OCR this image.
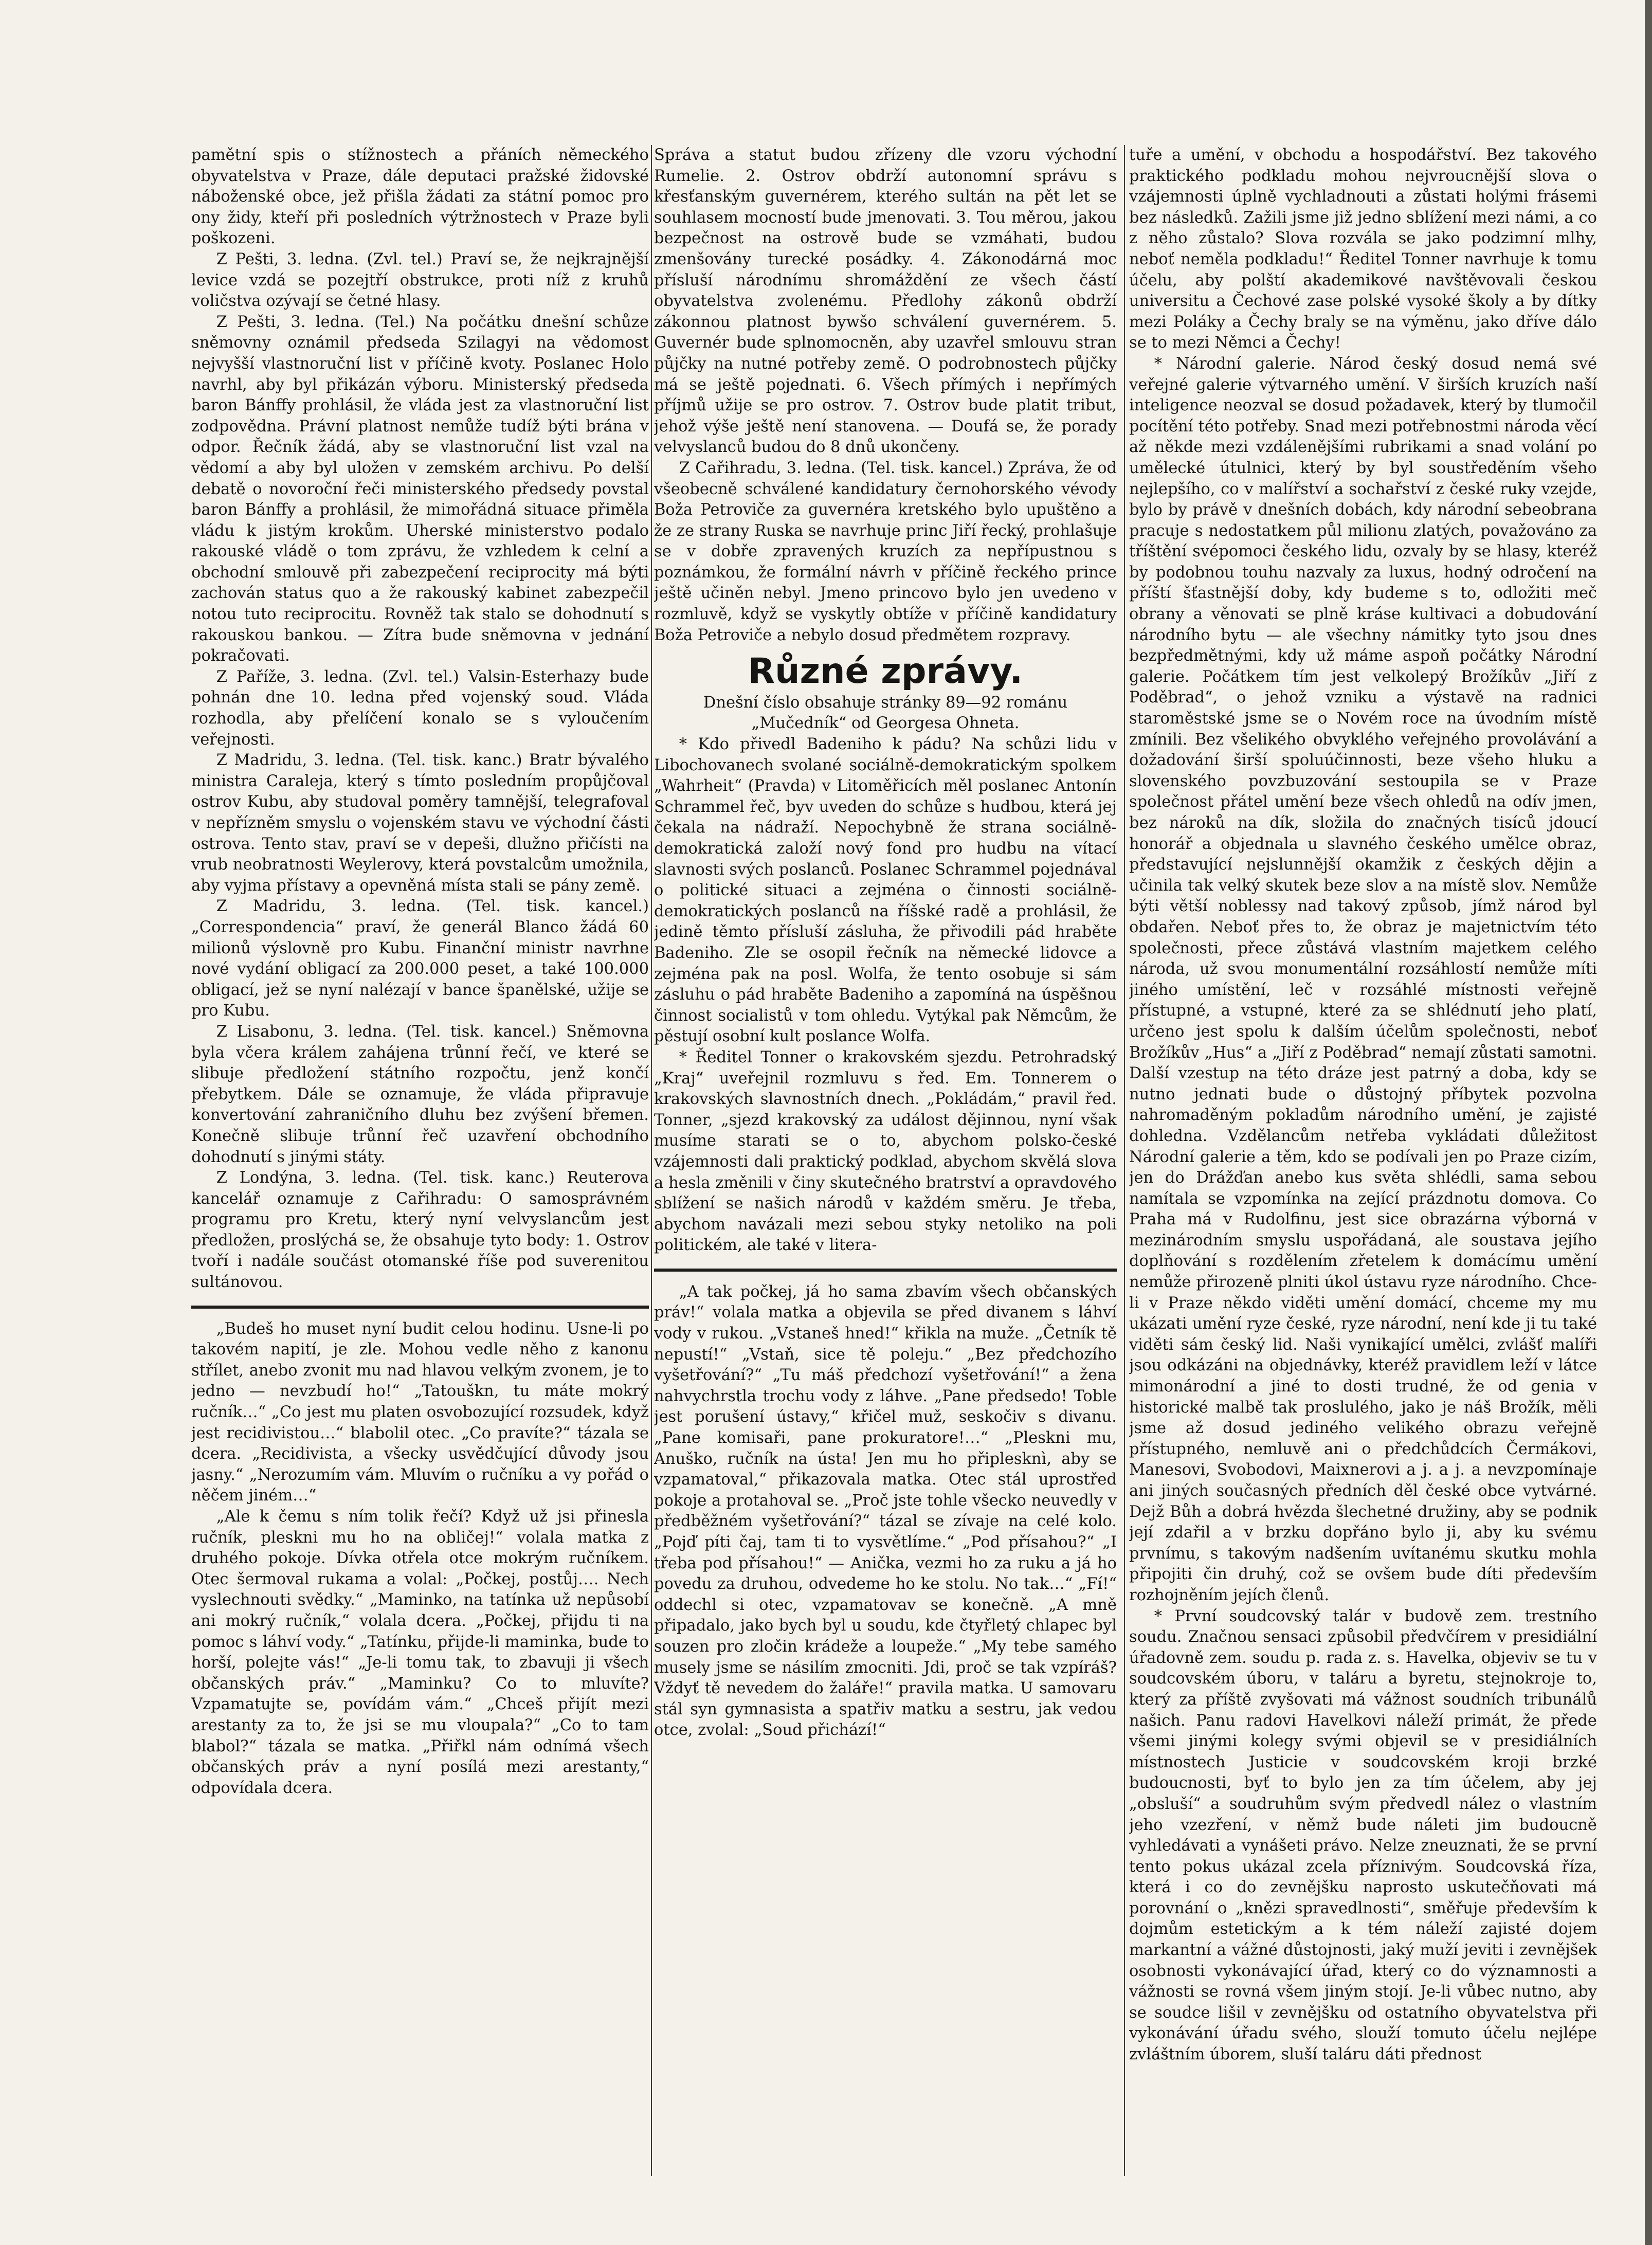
pamětní spis o stížnostech a přáních německého obyvatelstva v Praze, dále deputaci pražské židovské náboženské obce, jež přišla žádati za státní pomoc pro ony židy, kteří při posledních výtržnostech v Praze byli poškozeni.

Z Pešti, 3. ledna. (Zvl. tel.) Praví se, že nejkrajnější levice vzdá se pozejtří obstrukce, proti níž z kruhů voličstva ozývají se četné hlasy.

Z Pešti, 3. ledna. (Tel.) Na počátku dnešní schůze sněmovny oznámil předseda Szilagyi na vědomost nejvyšší vlastnoruční list v příčině kvoty. Poslanec Holo navrhl, aby byl přikázán výboru. Ministerský předseda baron Bánffy prohlásil, že vláda jest za vlastnoruční list zodpovědna. Právní platnost nemůže tudíž býti brána v odpor. Řečník žádá, aby se vlastnoruční list vzal na vědomí a aby byl uložen v zemském archivu. Po delší debatě o novoroční řeči ministerského předsedy povstal baron Bánffy a prohlásil, že mimořádná situace přiměla vládu k jistým krokům. Uherské ministerstvo podalo rakouské vládě o tom zprávu, že vzhledem k celní a obchodní smlouvě při zabezpečení reciprocity má býti zachován status quo a že rakouský kabinet zabezpečil notou tuto reciprocitu. Rovněž tak stalo se dohodnutí s rakouskou bankou. — Zítra bude sněmovna v jednání pokračovati.

Z Paříže, 3. ledna. (Zvl. tel.) Valsin-Esterhazy bude pohnán dne 10. ledna před vojenský soud. Vláda rozhodla, aby přelíčení konalo se s vyloučením veřejnosti.

Z Madridu, 3. ledna. (Tel. tisk. kanc.) Bratr bývalého ministra Caraleja, který s tímto posledním propůjčoval ostrov Kubu, aby studoval poměry tamnější, telegrafoval v nepřízněm smyslu o vojenském stavu ve východní části ostrova. Tento stav, praví se v depeši, dlužno přičísti na vrub neobratnosti Weylerovy, která povstalcům umožnila, aby vyjma přístavy a opevněná místa stali se pány země.

Z Madridu, 3. ledna. (Tel. tisk. kancel.) „Correspondencia“ praví, že generál Blanco žádá 60 milionů výslovně pro Kubu. Finanční ministr navrhne nové vydání obligací za 200.000 peset, a také 100.000 obligací, jež se nyní nalézají v bance španělské, užije se pro Kubu.

Z Lisabonu, 3. ledna. (Tel. tisk. kancel.) Sněmovna byla včera králem zahájena trůnní řečí, ve které se slibuje předložení státního rozpočtu, jenž končí přebytkem. Dále se oznamuje, že vláda připravuje konvertování zahraničního dluhu bez zvýšení břemen. Konečně slibuje trůnní řeč uzavření obchodního dohodnutí s jinými státy.

Z Londýna, 3. ledna. (Tel. tisk. kanc.) Reuterova kancelář oznamuje z Cařihradu: O samosprávném programu pro Kretu, který nyní velvyslancům jest předložen, proslýchá se, že obsahuje tyto body: 1. Ostrov tvoří i nadále součást otomanské říše pod suverenitou sultánovou.

„Budeš ho muset nyní budit celou hodinu. Usne-li po takovém napití, je zle. Mohou vedle něho z kanonu střílet, anebo zvonit mu nad hlavou velkým zvonem, je to jedno — nevzbudí ho!“ „Tatouškn, tu máte mokrý ručník…“ „Co jest mu platen osvobozující rozsudek, když jest recidivistou…“ blabolil otec. „Co pravíte?“ tázala se dcera. „Recidivista, a všecky usvědčující důvody jsou jasny.“ „Nerozumím vám. Mluvím o ručníku a vy pořád o něčem jiném…“

„Ale k čemu s ním tolik řečí? Když už jsi přinesla ručník, pleskni mu ho na obličej!“ volala matka z druhého pokoje. Dívka otřela otce mokrým ručníkem. Otec šermoval rukama a volal: „Počkej, postůj…. Nech vyslechnouti svědky.“ „Maminko, na tatínka už nepůsobí ani mokrý ručník,“ volala dcera. „Počkej, přijdu ti na pomoc s láhví vody.“ „Tatínku, přijde-li maminka, bude to horší, polejte vás!“ „Je-li tomu tak, to zbavuji ji všech občanských práv.“ „Maminku? Co to mluvíte? Vzpamatujte se, povídám vám.“ „Chceš přijít mezi arestanty za to, že jsi se mu vloupala?“ „Co to tam blabol?“ tázala se matka. „Přiřkl nám odnímá všech občanských práv a nyní posílá mezi arestanty,“ odpovídala dcera.

Správa a statut budou zřízeny dle vzoru východní Rumelie. 2. Ostrov obdrží autonomní správu s křesťanským guvernérem, kterého sultán na pět let se souhlasem mocností bude jmenovati. 3. Tou měrou, jakou bezpečnost na ostrově bude se vzmáhati, budou zmenšovány turecké posádky. 4. Zákonodárná moc přísluší národnímu shromáždění ze všech částí obyvatelstva zvolenému. Předlohy zákonů obdrží zákonnou platnost bywšo schválení guvernérem. 5. Guvernér bude splnomocněn, aby uzavřel smlouvu stran půjčky na nutné potřeby země. O podrobnostech půjčky má se ještě pojednati. 6. Všech přímých i nepřímých příjmů užije se pro ostrov. 7. Ostrov bude platit tribut, jehož výše ještě není stanovena. — Doufá se, že porady velvyslanců budou do 8 dnů ukončeny.

Z Cařihradu, 3. ledna. (Tel. tisk. kancel.) Zpráva, že od všeobecně schválené kandidatury černohorského vévody Boža Petroviče za guvernéra kretského bylo upuštěno a že ze strany Ruska se navrhuje princ Jiří řecký, prohlašuje se v dobře zpravených kruzích za nepřípustnou s poznámkou, že formální návrh v příčině řeckého prince ještě učiněn nebyl. Jmeno princovo bylo jen uvedeno v rozmluvě, když se vyskytly obtíže v příčině kandidatury Boža Petroviče a nebylo dosud předmětem rozpravy.

Různé zprávy.

Dnešní číslo obsahuje stránky 89—92 románu „Mučedník“ od Georgesa Ohneta.

* Kdo přivedl Badeniho k pádu? Na schůzi lidu v Libochovanech svolané sociálně-demokratickým spolkem „Wahrheit“ (Pravda) v Litoměřicích měl poslanec Antonín Schrammel řeč, byv uveden do schůze s hudbou, která jej čekala na nádraží. Nepochybně že strana sociálně-demokratická založí nový fond pro hudbu na vítací slavnosti svých poslanců. Poslanec Schrammel pojednával o politické situaci a zejména o činnosti sociálně-demokratických poslanců na říšské radě a prohlásil, že jedině těmto přísluší zásluha, že přivodili pád hraběte Badeniho. Zle se osopil řečník na německé lidovce a zejména pak na posl. Wolfa, že tento osobuje si sám zásluhu o pád hraběte Badeniho a zapomíná na úspěšnou činnost socialistů v tom ohledu. Vytýkal pak Němcům, že pěstují osobní kult poslance Wolfa.

* Ředitel Tonner o krakovském sjezdu. Petrohradský „Kraj“ uveřejnil rozmluvu s řed. Em. Tonnerem o krakovských slavnostních dnech. „Pokládám,“ pravil řed. Tonner, „sjezd krakovský za událost dějinnou, nyní však musíme starati se o to, abychom polsko-české vzájemnosti dali praktický podklad, abychom skvělá slova a hesla změnili v činy skutečného bratrství a opravdového sblížení se našich národů v každém směru. Je třeba, abychom navázali mezi sebou styky netoliko na poli politickém, ale také v litera-

„A tak počkej, já ho sama zbavím všech občanských práv!“ volala matka a objevila se před divanem s láhví vody v rukou. „Vstaneš hned!“ křikla na muže. „Četník tě nepustí!“ „Vstaň, sice tě poleju.“ „Bez předchozího vyšetřování?“ „Tu máš předchozí vyšetřování!“ a žena nahvychrstla trochu vody z láhve. „Pane předsedo! Toble jest porušení ústavy,“ křičel muž, seskočiv s divanu. „Pane komisaři, pane prokuratore!…“ „Pleskni mu, Anuško, ručník na ústa! Jen mu ho připlesknì, aby se vzpamatoval,“ přikazovala matka. Otec stál uprostřed pokoje a protahoval se. „Proč jste tohle všecko neuvedly v předběžném vyšetřování?“ tázal se zívaje na celé kolo. „Pojď píti čaj, tam ti to vysvětlíme.“ „Pod přísahou?“ „I třeba pod přísahou!“ — Anička, vezmi ho za ruku a já ho povedu za druhou, odvedeme ho ke stolu. No tak…“ „Fí!“ oddechl si otec, vzpamatovav se konečně. „A mně připadalo, jako bych byl u soudu, kde čtyřletý chlapec byl souzen pro zločin krádeže a loupeže.“ „My tebe samého musely jsme se násilím zmocniti. Jdi, proč se tak vzpíráš? Vždyť tě nevedem do žaláře!“ pravila matka. U samovaru stál syn gymnasista a spatřiv matku a sestru, jak vedou otce, zvolal: „Soud přichází!“

tuře a umění, v obchodu a hospodářství. Bez takového praktického podkladu mohou nejvroucnější slova o vzájemnosti úplně vychladnouti a zůstati holými frásemi bez následků. Zažili jsme již jedno sblížení mezi námi, a co z něho zůstalo? Slova rozvála se jako podzimní mlhy, neboť neměla podkladu!“ Ředitel Tonner navrhuje k tomu účelu, aby polští akademikové navštěvovali českou universitu a Čechové zase polské vysoké školy a by dítky mezi Poláky a Čechy braly se na výměnu, jako dříve dálo se to mezi Němci a Čechy!

* Národní galerie. Národ český dosud nemá své veřejné galerie výtvarného umění. V širších kruzích naší inteligence neozval se dosud požadavek, který by tlumočil pocítění této potřeby. Snad mezi potřebnostmi národa věcí až někde mezi vzdálenějšími rubrikami a snad volání po umělecké útulnici, který by byl soustředěním všeho nejlepšího, co v malířství a sochařství z české ruky vzejde, bylo by právě v dnešních dobách, kdy národní sebeobrana pracuje s nedostatkem půl milionu zlatých, považováno za tříštění svépomoci českého lidu, ozvaly by se hlasy, kteréž by podobnou touhu nazvaly za luxus, hodný odročení na příští šťastnější doby, kdy budeme s to, odložiti meč obrany a věnovati se plně kráse kultivaci a dobudování národního bytu — ale všechny námitky tyto jsou dnes bezpředmětnými, kdy už máme aspoň počátky Národní galerie. Počátkem tím jest velkolepý Brožíkův „Jiří z Poděbrad“, o jehož vzniku a výstavě na radnici staroměstské jsme se o Novém roce na úvodním místě zmínili. Bez všelikého obvyklého veřejného provolávání a dožadování širší spoluúčinnosti, beze všeho hluku a slovenského povzbuzování sestoupila se v Praze společnost přátel umění beze všech ohledů na odív jmen, bez nároků na dík, složila do značných tisíců jdoucí honorář a objednala u slavného českého umělce obraz, představující nejslunnější okamžik z českých dějin a učinila tak velký skutek beze slov a na místě slov. Nemůže býti větší noblessy nad takový způsob, jímž národ byl obdařen. Neboť přes to, že obraz je majetnictvím této společnosti, přece zůstává vlastním majetkem celého národa, už svou monumentální rozsáhlostí nemůže míti jiného umístění, leč v rozsáhlé místnosti veřejně přístupné, a vstupné, které za se shlédnutí jeho platí, určeno jest spolu k dalším účelům společnosti, neboť Brožíkův „Hus“ a „Jiří z Poděbrad“ nemají zůstati samotni. Další vzestup na této dráze jest patrný a doba, kdy se nutno jednati bude o důstojný příbytek pozvolna nahromaděným pokladům národního umění, je zajisté dohledna. Vzdělancům netřeba vykládati důležitost Národní galerie a těm, kdo se podívali jen po Praze cizím, jen do Drážďan anebo kus světa shlédli, sama sebou namítala se vzpomínka na zející prázdnotu domova. Co Praha má v Rudolfinu, jest sice obrazárna výborná v mezinárodním smyslu uspořádaná, ale soustava jejího doplňování s rozdělením zřetelem k domácímu umění nemůže přirozeně plniti úkol ústavu ryze národního. Chce-li v Praze někdo viděti umění domácí, chceme my mu ukázati umění ryze české, ryze národní, není kde ji tu také viděti sám český lid. Naši vynikající umělci, zvlášť malíři jsou odkázáni na objednávky, kteréž pravidlem leží v látce mimonárodní a jiné to dosti trudné, že od genia v historické malbě tak proslulého, jako je náš Brožík, měli jsme až dosud jediného velikého obrazu veřejně přístupného, nemluvě ani o předchůdcích Čermákovi, Manesovi, Svobodovi, Maixnerovi a j. a j. a nevzpomínaje ani jiných současných předních děl české obce vytvárné. Dejž Bůh a dobrá hvězda šlechetné družiny, aby se podnik její zdařil a v brzku dopřáno bylo ji, aby ku svému prvnímu, s takovým nadšením uvítanému skutku mohla připojiti čin druhý, což se ovšem bude díti především rozhojněním jejích členů.

* První soudcovský talár v budově zem. trestního soudu. Značnou sensaci způsobil předvčírem v presidiální úřadovně zem. soudu p. rada z. s. Havelka, objeviv se tu v soudcovském úboru, v taláru a byretu, stejnokroje to, který za příště zvyšovati má vážnost soudních tribunálů našich. Panu radovi Havelkovi náleží primát, že přede všemi jinými kolegy svými objevil se v presidiálních místnostech Justicie v soudcovském kroji brzké budoucnosti, byť to bylo jen za tím účelem, aby jej „obsluší“ a soudruhům svým předvedl nález o vlastním jeho vzezření, v němž bude náleti jim budoucně vyhledávati a vynášeti právo. Nelze zneuznati, že se první tento pokus ukázal zcela příznivým. Soudcovská říza, která i co do zevnějšku naprosto uskutečňovati má porovnání o „knězi spravedlnosti“, směřuje především k dojmům estetickým a k tém náleží zajisté dojem markantní a vážné důstojnosti, jaký muží jeviti i zevnějšek osobnosti vykonávající úřad, který co do významnosti a vážnosti se rovná všem jiným stojí. Je-li vůbec nutno, aby se soudce lišil v zevnějšku od ostatního obyvatelstva při vykonávání úřadu svého, slouží tomuto účelu nejlépe zvláštním úborem, sluší taláru dáti přednost
